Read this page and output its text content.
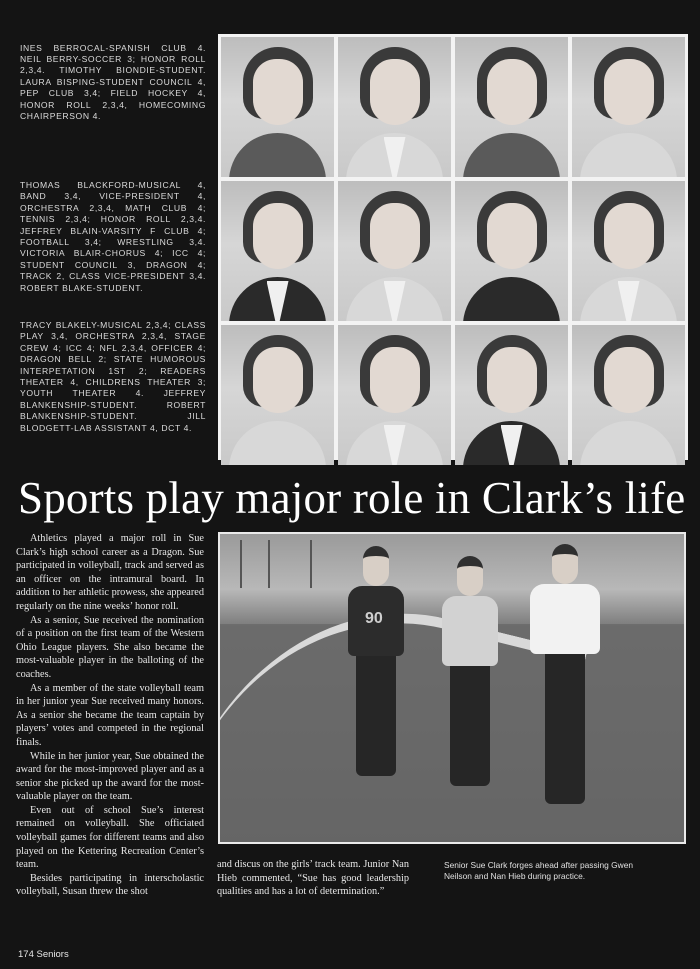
INES BERROCAL-SPANISH CLUB 4. NEIL BERRY-SOCCER 3; HONOR ROLL 2,3,4. TIMOTHY BIONDIE-STUDENT. LAURA BISPING-STUDENT COUNCIL 4, PEP CLUB 3,4; FIELD HOCKEY 4, HONOR ROLL 2,3,4, HOMECOMING CHAIRPERSON 4.

THOMAS BLACKFORD-MUSICAL 4, BAND 3,4, VICE-PRESIDENT 4, ORCHESTRA 2,3,4, MATH CLUB 4; TENNIS 2,3,4; HONOR ROLL 2,3,4. JEFFREY BLAIN-VARSITY F CLUB 4; FOOTBALL 3,4; WRESTLING 3,4. VICTORIA BLAIR-CHORUS 4; ICC 4; STUDENT COUNCIL 3, DRAGON 4; TRACK 2, CLASS VICE-PRESIDENT 3,4. ROBERT BLAKE-STUDENT.

TRACY BLAKELY-MUSICAL 2,3,4; CLASS PLAY 3,4, ORCHESTRA 2,3,4, STAGE CREW 4; ICC 4; NFL 2,3,4, OFFICER 4; DRAGON BELL 2; STATE HUMOROUS INTERPETATION 1ST 2; READERS THEATER 4, CHILDRENS THEATER 3; YOUTH THEATER 4. JEFFREY BLANKENSHIP-STUDENT. ROBERT BLANKENSHIP-STUDENT. JILL BLODGETT-LAB ASSISTANT 4, DCT 4.

Sports play major role in Clark’s life

Athletics played a major roll in Sue Clark’s high school career as a Dragon. Sue participated in volleyball, track and served as an officer on the intramural board. In addition to her athletic prowess, she appeared regularly on the nine weeks’ honor roll.

As a senior, Sue received the nomination of a position on the first team of the Western Ohio League players. She also became the most-valuable player in the balloting of the coaches.

As a member of the state volleyball team in her junior year Sue received many honors. As a senior she became the team captain by players’ votes and competed in the regional finals.

While in her junior year, Sue obtained the award for the most-improved player and as a senior she picked up the award for the most-valuable player on the team.

Even out of school Sue’s interest remained on volleyball. She officiated volleyball games for different teams and also played on the Kettering Recreation Center’s team.

Besides participating in interscholastic volleyball, Susan threw the shot

90

and discus on the girls’ track team. Junior Nan Hieb commented, “Sue has good leadership qualities and has a lot of determination.”

Senior Sue Clark forges ahead after passing Gwen Neilson and Nan Hieb during practice.

174 Seniors
